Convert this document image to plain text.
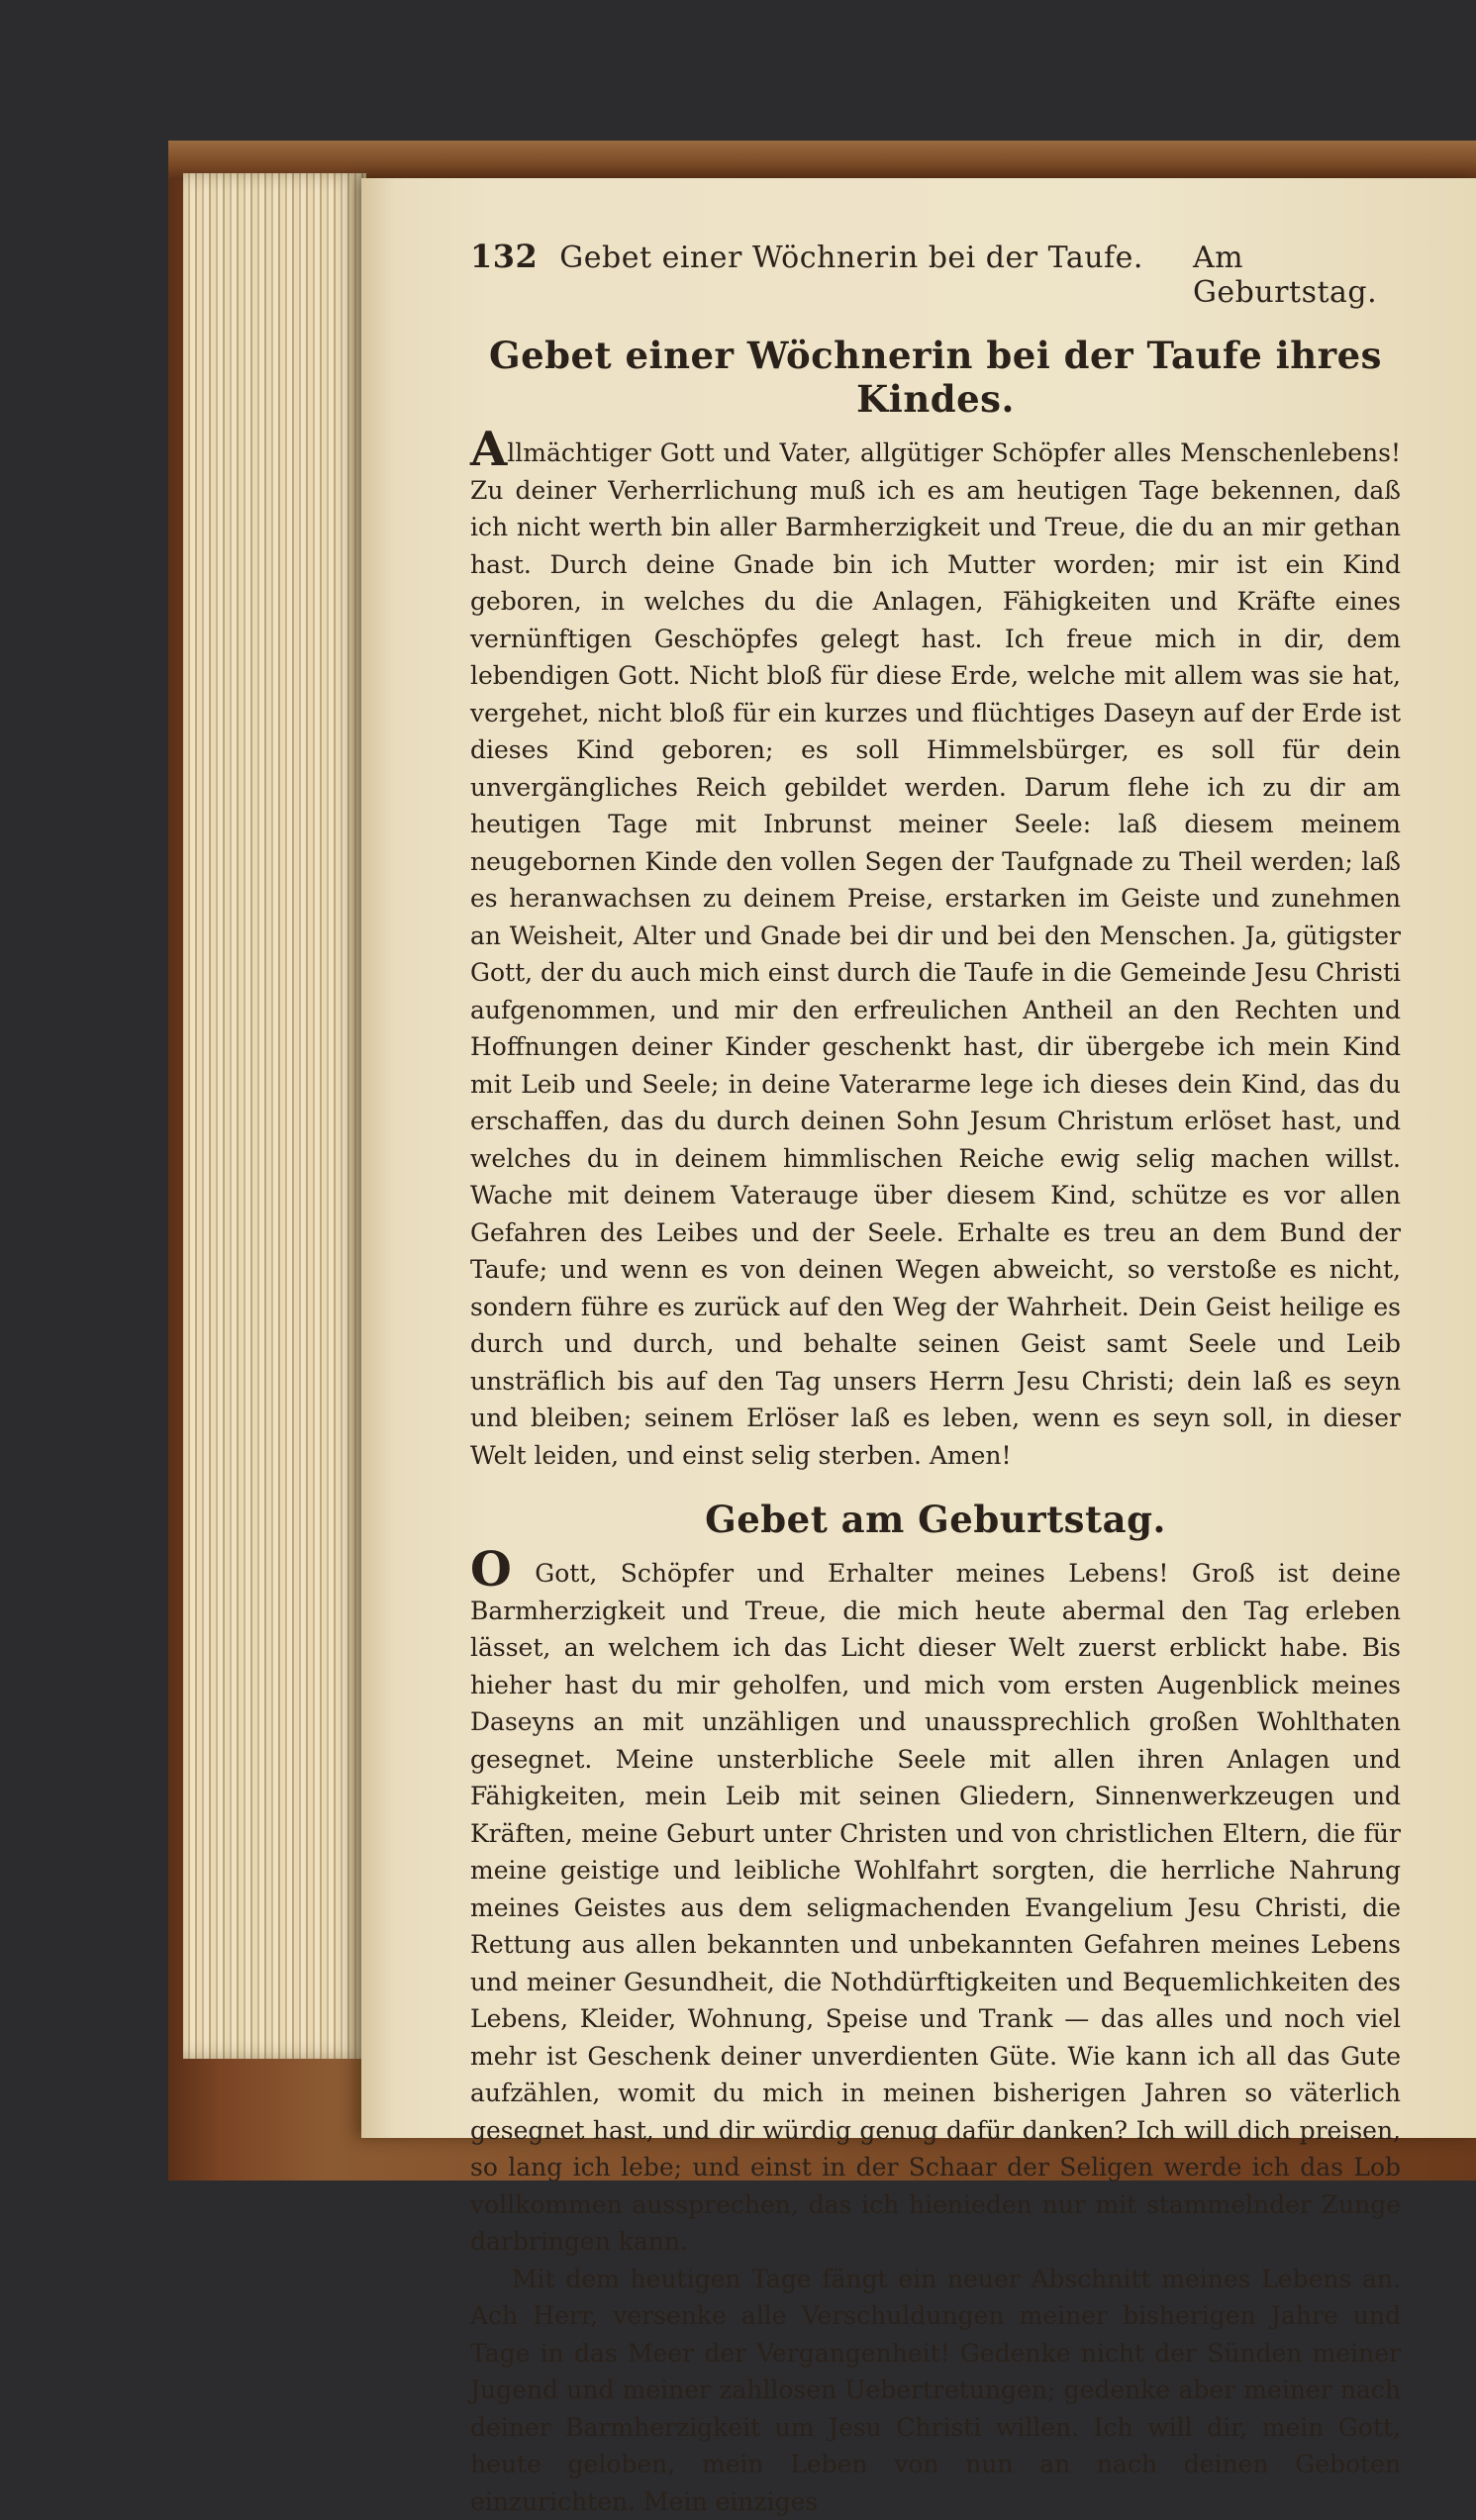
132 Gebet einer Wöchnerin bei der Taufe. Am Geburtstag.
Gebet einer Wöchnerin bei der Taufe ihres Kindes.

Allmächtiger Gott und Vater, allgütiger Schöpfer alles Menschenlebens! Zu deiner Verherrlichung muß ich es am heutigen Tage bekennen, daß ich nicht werth bin aller Barmherzigkeit und Treue, die du an mir gethan hast. Durch deine Gnade bin ich Mutter worden; mir ist ein Kind geboren, in welches du die Anlagen, Fähigkeiten und Kräfte eines vernünftigen Geschöpfes gelegt hast. Ich freue mich in dir, dem lebendigen Gott. Nicht bloß für diese Erde, welche mit allem was sie hat, vergehet, nicht bloß für ein kurzes und flüchtiges Daseyn auf der Erde ist dieses Kind geboren; es soll Himmelsbürger, es soll für dein unvergängliches Reich gebildet werden. Darum flehe ich zu dir am heutigen Tage mit Inbrunst meiner Seele: laß diesem meinem neugebornen Kinde den vollen Segen der Taufgnade zu Theil werden; laß es heranwachsen zu deinem Preise, erstarken im Geiste und zunehmen an Weisheit, Alter und Gnade bei dir und bei den Menschen. Ja, gütigster Gott, der du auch mich einst durch die Taufe in die Gemeinde Jesu Christi aufgenommen, und mir den erfreulichen Antheil an den Rechten und Hoffnungen deiner Kinder geschenkt hast, dir übergebe ich mein Kind mit Leib und Seele; in deine Vaterarme lege ich dieses dein Kind, das du erschaffen, das du durch deinen Sohn Jesum Christum erlöset hast, und welches du in deinem himmlischen Reiche ewig selig machen willst. Wache mit deinem Vaterauge über diesem Kind, schütze es vor allen Gefahren des Leibes und der Seele. Erhalte es treu an dem Bund der Taufe; und wenn es von deinen Wegen abweicht, so verstoße es nicht, sondern führe es zurück auf den Weg der Wahrheit. Dein Geist heilige es durch und durch, und behalte seinen Geist samt Seele und Leib unsträflich bis auf den Tag unsers Herrn Jesu Christi; dein laß es seyn und bleiben; seinem Erlöser laß es leben, wenn es seyn soll, in dieser Welt leiden, und einst selig sterben. Amen!

Gebet am Geburtstag.

O Gott, Schöpfer und Erhalter meines Lebens! Groß ist deine Barmherzigkeit und Treue, die mich heute abermal den Tag erleben lässet, an welchem ich das Licht dieser Welt zuerst erblickt habe. Bis hieher hast du mir geholfen, und mich vom ersten Augenblick meines Daseyns an mit unzähligen und unaussprechlich großen Wohlthaten gesegnet. Meine unsterbliche Seele mit allen ihren Anlagen und Fähigkeiten, mein Leib mit seinen Gliedern, Sinnenwerkzeugen und Kräften, meine Geburt unter Christen und von christlichen Eltern, die für meine geistige und leibliche Wohlfahrt sorgten, die herrliche Nahrung meines Geistes aus dem seligmachenden Evangelium Jesu Christi, die Rettung aus allen bekannten und unbekannten Gefahren meines Lebens und meiner Gesundheit, die Nothdürftigkeiten und Bequemlichkeiten des Lebens, Kleider, Wohnung, Speise und Trank — das alles und noch viel mehr ist Geschenk deiner unverdienten Güte. Wie kann ich all das Gute aufzählen, womit du mich in meinen bisherigen Jahren so väterlich gesegnet hast, und dir würdig genug dafür danken? Ich will dich preisen, so lang ich lebe; und einst in der Schaar der Seligen werde ich das Lob vollkommen aussprechen, das ich hienieden nur mit stammelnder Zunge darbringen kann.

Mit dem heutigen Tage fängt ein neuer Abschnitt meines Lebens an. Ach Herr, versenke alle Verschuldungen meiner bisherigen Jahre und Tage in das Meer der Vergangenheit! Gedenke nicht der Sünden meiner Jugend und meiner zahllosen Uebertretungen; gedenke aber meiner nach deiner Barmherzigkeit um Jesu Christi willen. Ich will dir, mein Gott, heute geloben, mein Leben von nun an nach deinen Geboten einzurichten. Mein einziges
